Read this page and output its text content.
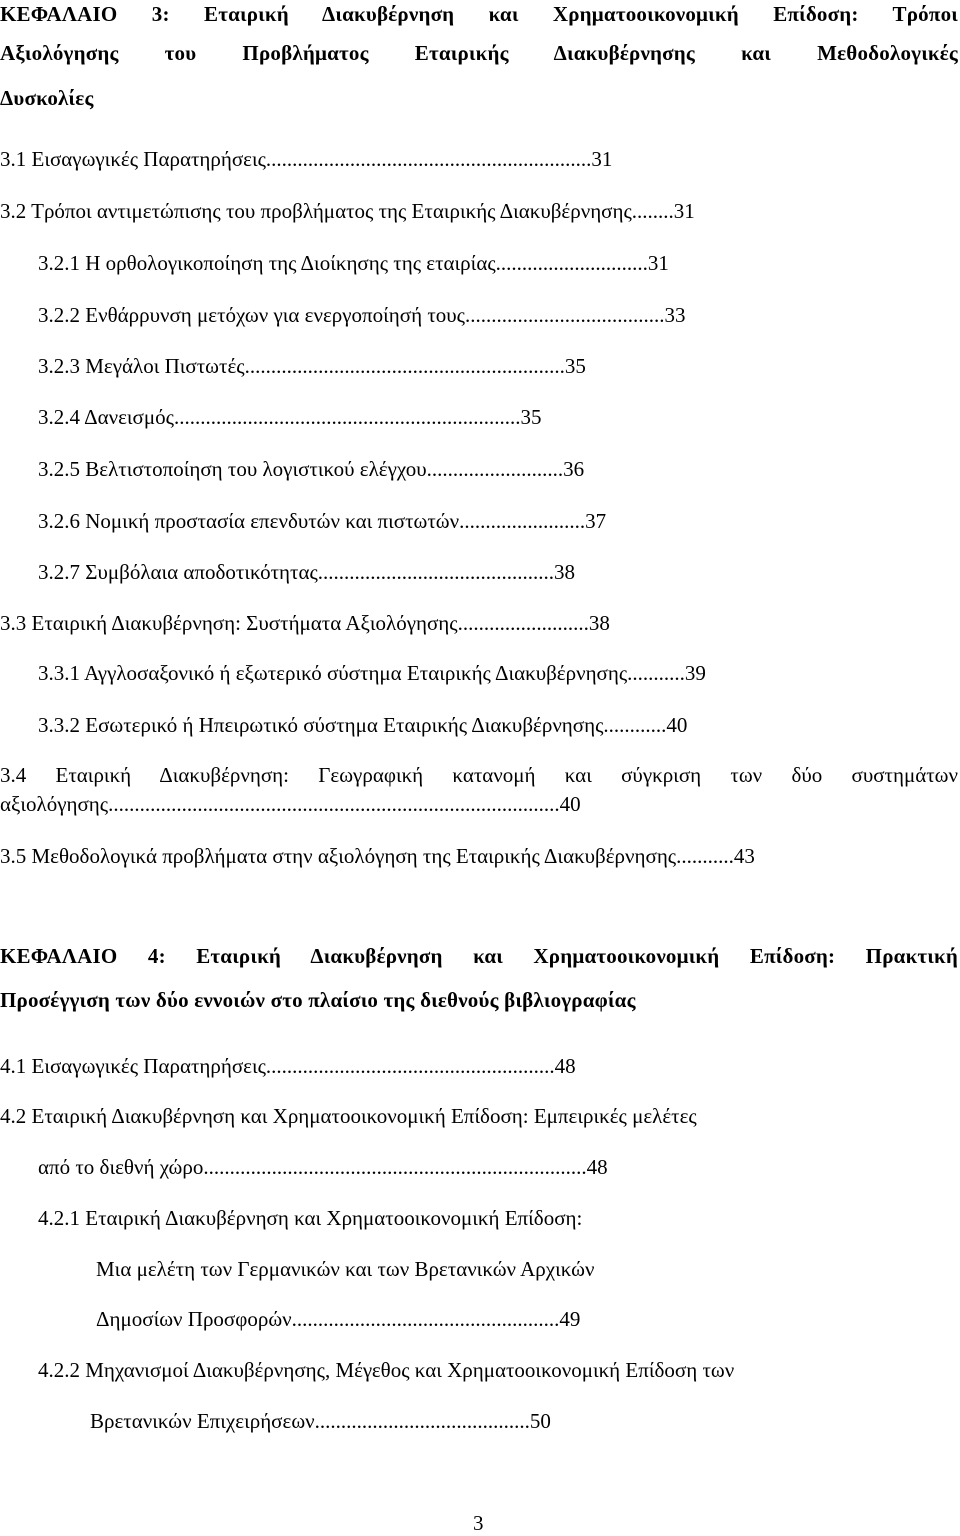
ΚΕΦΑΛΑΙΟ 3: Εταιρική Διακυβέρνηση και Χρηματοοικονομική Επίδοση: Τρόποι
Αξιολόγησης του Προβλήματος Εταιρικής Διακυβέρνησης και Μεθοδολογικές
Δυσκολίες
3.1 Εισαγωγικές Παρατηρήσεις..............................................................31
3.2 Τρόποι αντιμετώπισης του προβλήματος της Εταιρικής Διακυβέρνησης........31
3.2.1 Η ορθολογικοποίηση της Διοίκησης της εταιρίας.............................31
3.2.2 Ενθάρρυνση μετόχων για ενεργοποίησή τους......................................33
3.2.3 Μεγάλοι Πιστωτές.............................................................35
3.2.4 Δανεισμός..................................................................35
3.2.5 Βελτιστοποίηση του λογιστικού ελέγχου..........................36
3.2.6 Νομική προστασία επενδυτών και πιστωτών........................37
3.2.7 Συμβόλαια αποδοτικότητας.............................................38
3.3 Εταιρική Διακυβέρνηση: Συστήματα Αξιολόγησης.........................38
3.3.1 Αγγλοσαξονικό ή εξωτερικό σύστημα Εταιρικής Διακυβέρνησης...........39
3.3.2 Εσωτερικό ή Ηπειρωτικό σύστημα Εταιρικής Διακυβέρνησης............40
3.4 Εταιρική Διακυβέρνηση: Γεωγραφική κατανομή και σύγκριση των δύο συστημάτων
αξιολόγησης......................................................................................40
3.5 Μεθοδολογικά προβλήματα στην αξιολόγηση της Εταιρικής Διακυβέρνησης...........43
ΚΕΦΑΛΑΙΟ 4: Εταιρική Διακυβέρνηση και Χρηματοοικονομική Επίδοση: Πρακτική
Προσέγγιση των δύο εννοιών στο πλαίσιο της διεθνούς βιβλιογραφίας
4.1 Εισαγωγικές Παρατηρήσεις.......................................................48
4.2 Εταιρική Διακυβέρνηση και Χρηματοοικονομική Επίδοση: Εμπειρικές μελέτες
από το διεθνή χώρο.........................................................................48
4.2.1 Εταιρική Διακυβέρνηση και Χρηματοοικονομική Επίδοση:
Μια μελέτη των Γερμανικών και των Βρετανικών Αρχικών
Δημοσίων Προσφορών...................................................49
4.2.2 Μηχανισμοί Διακυβέρνησης, Μέγεθος και Χρηματοοικονομική Επίδοση των
Βρετανικών Επιχειρήσεων.........................................50
3
